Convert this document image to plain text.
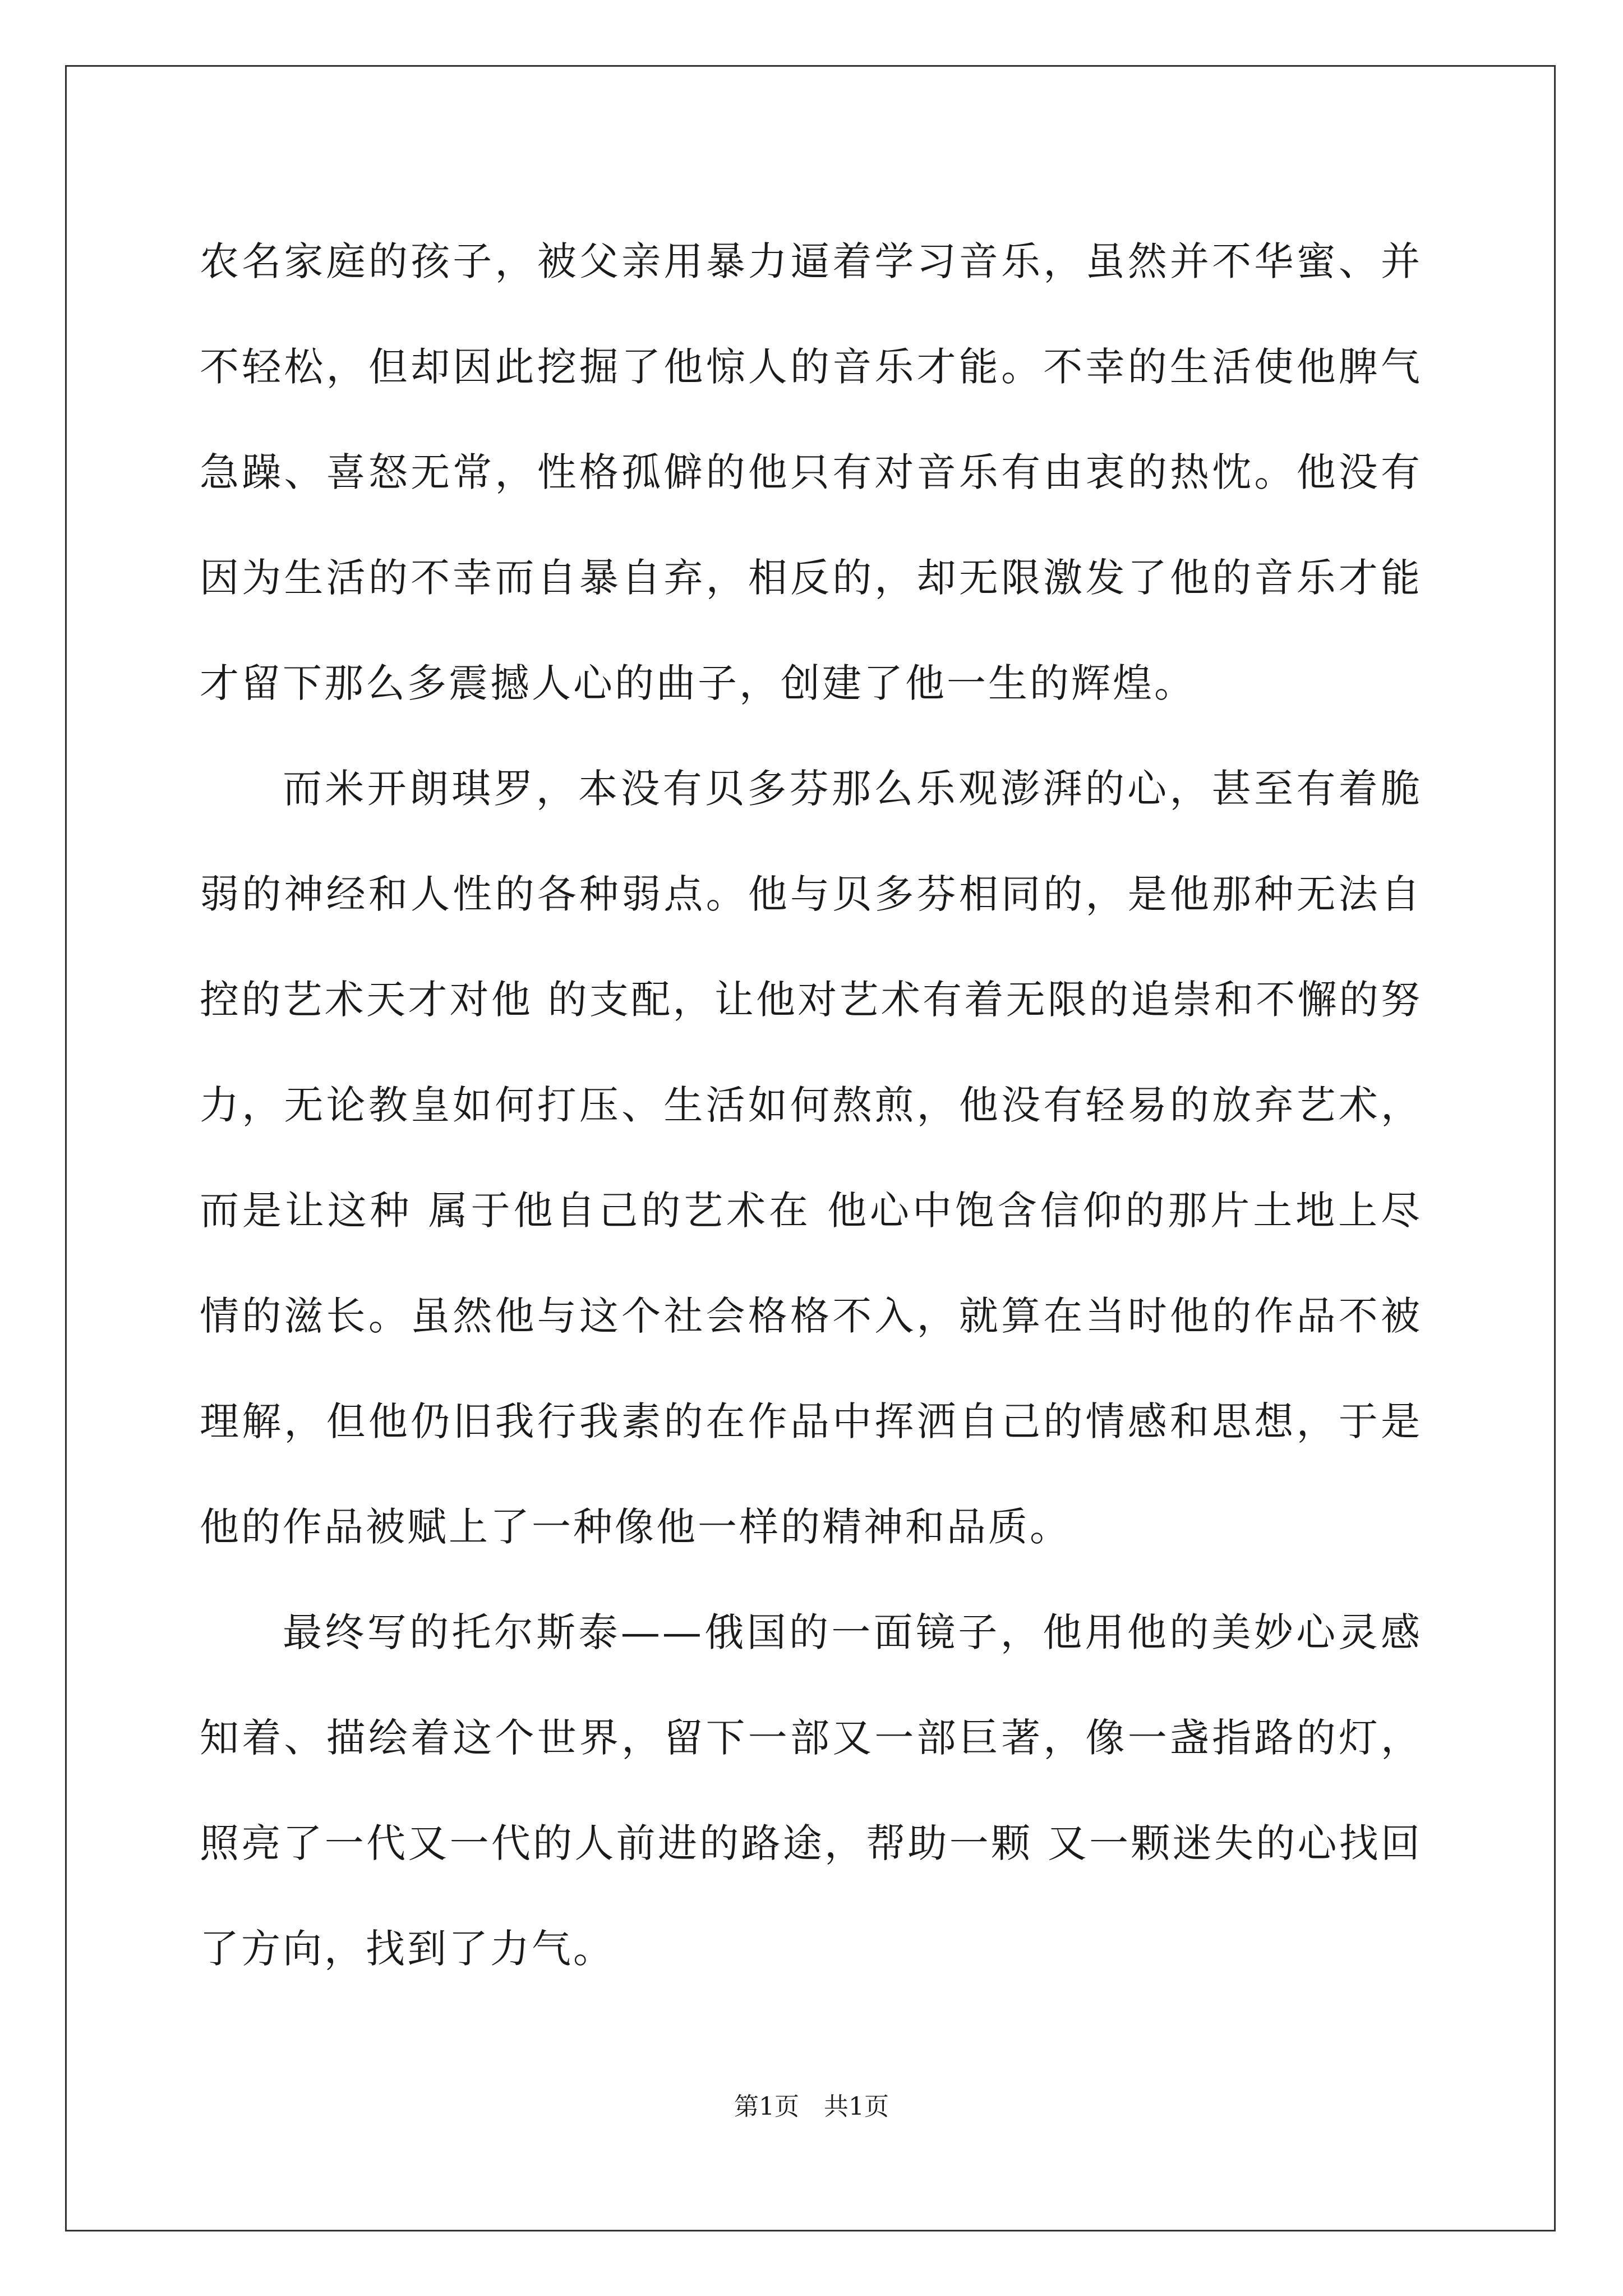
农名家庭的孩子，被父亲用暴力逼着学习音乐，虽然并不华蜜、并不轻松，但却因此挖掘了他惊人的音乐才能。不幸的生活使他脾气急躁、喜怒无常，性格孤僻的他只有对音乐有由衷的热忱。他没有因为生活的不幸而自暴自弃，相反的，却无限激发了他的音乐才能才留下那么多震撼人心的曲子，创建了他一生的辉煌。

而米开朗琪罗，本没有贝多芬那么乐观澎湃的心，甚至有着脆弱的神经和人性的各种弱点。他与贝多芬相同的，是他那种无法自控的艺术天才对他 的支配，让他对艺术有着无限的追崇和不懈的努力，无论教皇如何打压、生活如何熬煎，他没有轻易的放弃艺术，而是让这种 属于他自己的艺术在 他心中饱含信仰的那片土地上尽情的滋长。虽然他与这个社会格格不入，就算在当时他的作品不被理解，但他仍旧我行我素的在作品中挥洒自己的情感和思想，于是他的作品被赋上了一种像他一样的精神和品质。

最终写的托尔斯泰——俄国的一面镜子，他用他的美妙心灵感 知着、描绘着这个世界，留下一部又一部巨著，像一盏指路的灯，照亮了一代又一代的人前进的路途，帮助一颗 又一颗迷失的心找回了方向，找到了力气。

第1页　共1页
